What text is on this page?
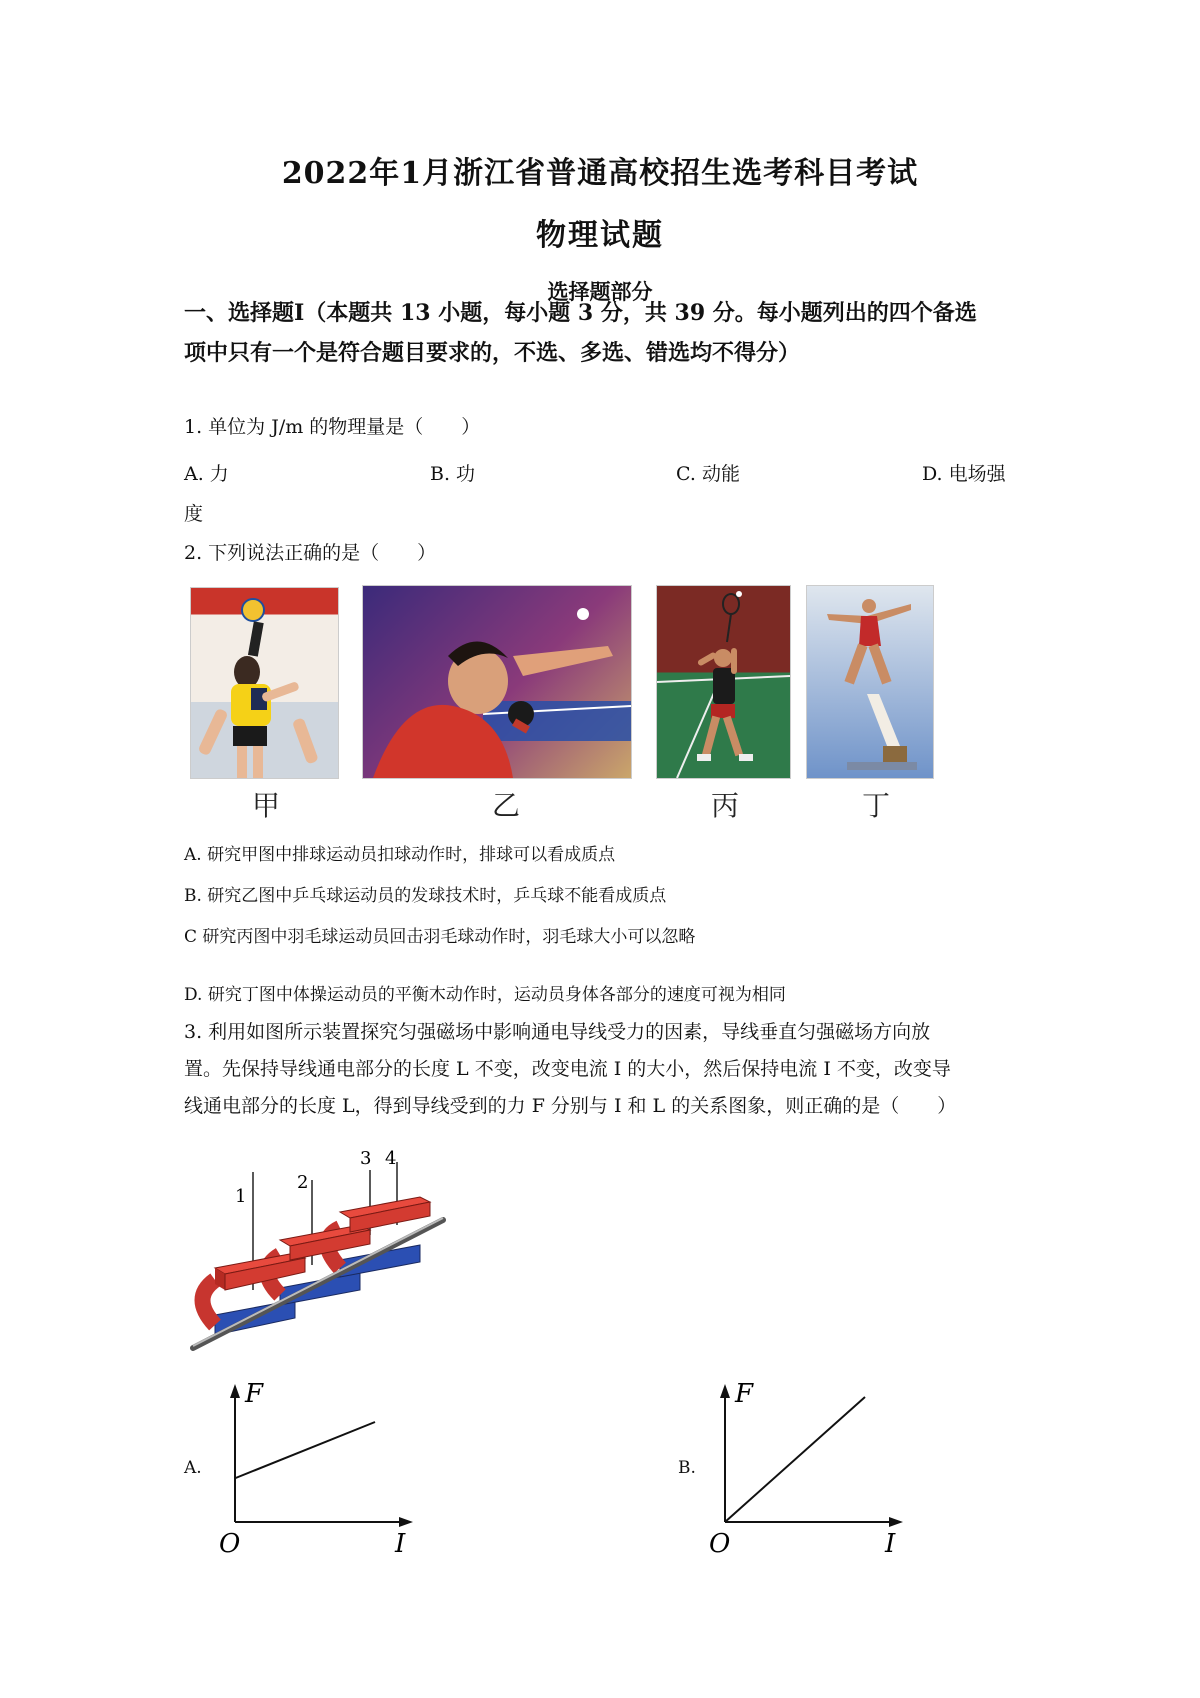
2022年1月浙江省普通高校招生选考科目考试
物理试题
选择题部分
一、选择题Ⅰ（本题共 13 小题，每小题 3 分，共 39 分。每小题列出的四个备选
项中只有一个是符合题目要求的，不选、多选、错选均不得分）
1. 单位为 J/m 的物理量是（　　）
A. 力	B. 功	C. 动能	D. 电场强
度
2. 下列说法正确的是（　　）
甲	乙	丙	丁
A. 研究甲图中排球运动员扣球动作时，排球可以看成质点
B. 研究乙图中乒乓球运动员的发球技术时，乒乓球不能看成质点
C 研究丙图中羽毛球运动员回击羽毛球动作时，羽毛球大小可以忽略
D. 研究丁图中体操运动员的平衡木动作时，运动员身体各部分的速度可视为相同
3. 利用如图所示装置探究匀强磁场中影响通电导线受力的因素，导线垂直匀强磁场方向放
置。先保持导线通电部分的长度 L 不变，改变电流 I 的大小，然后保持电流 I 不变，改变导
线通电部分的长度 L，得到导线受到的力 F 分别与 I 和 L 的关系图象，则正确的是（　　）
1
2
3 4
A.	B.
F
O	I
F
O	I
